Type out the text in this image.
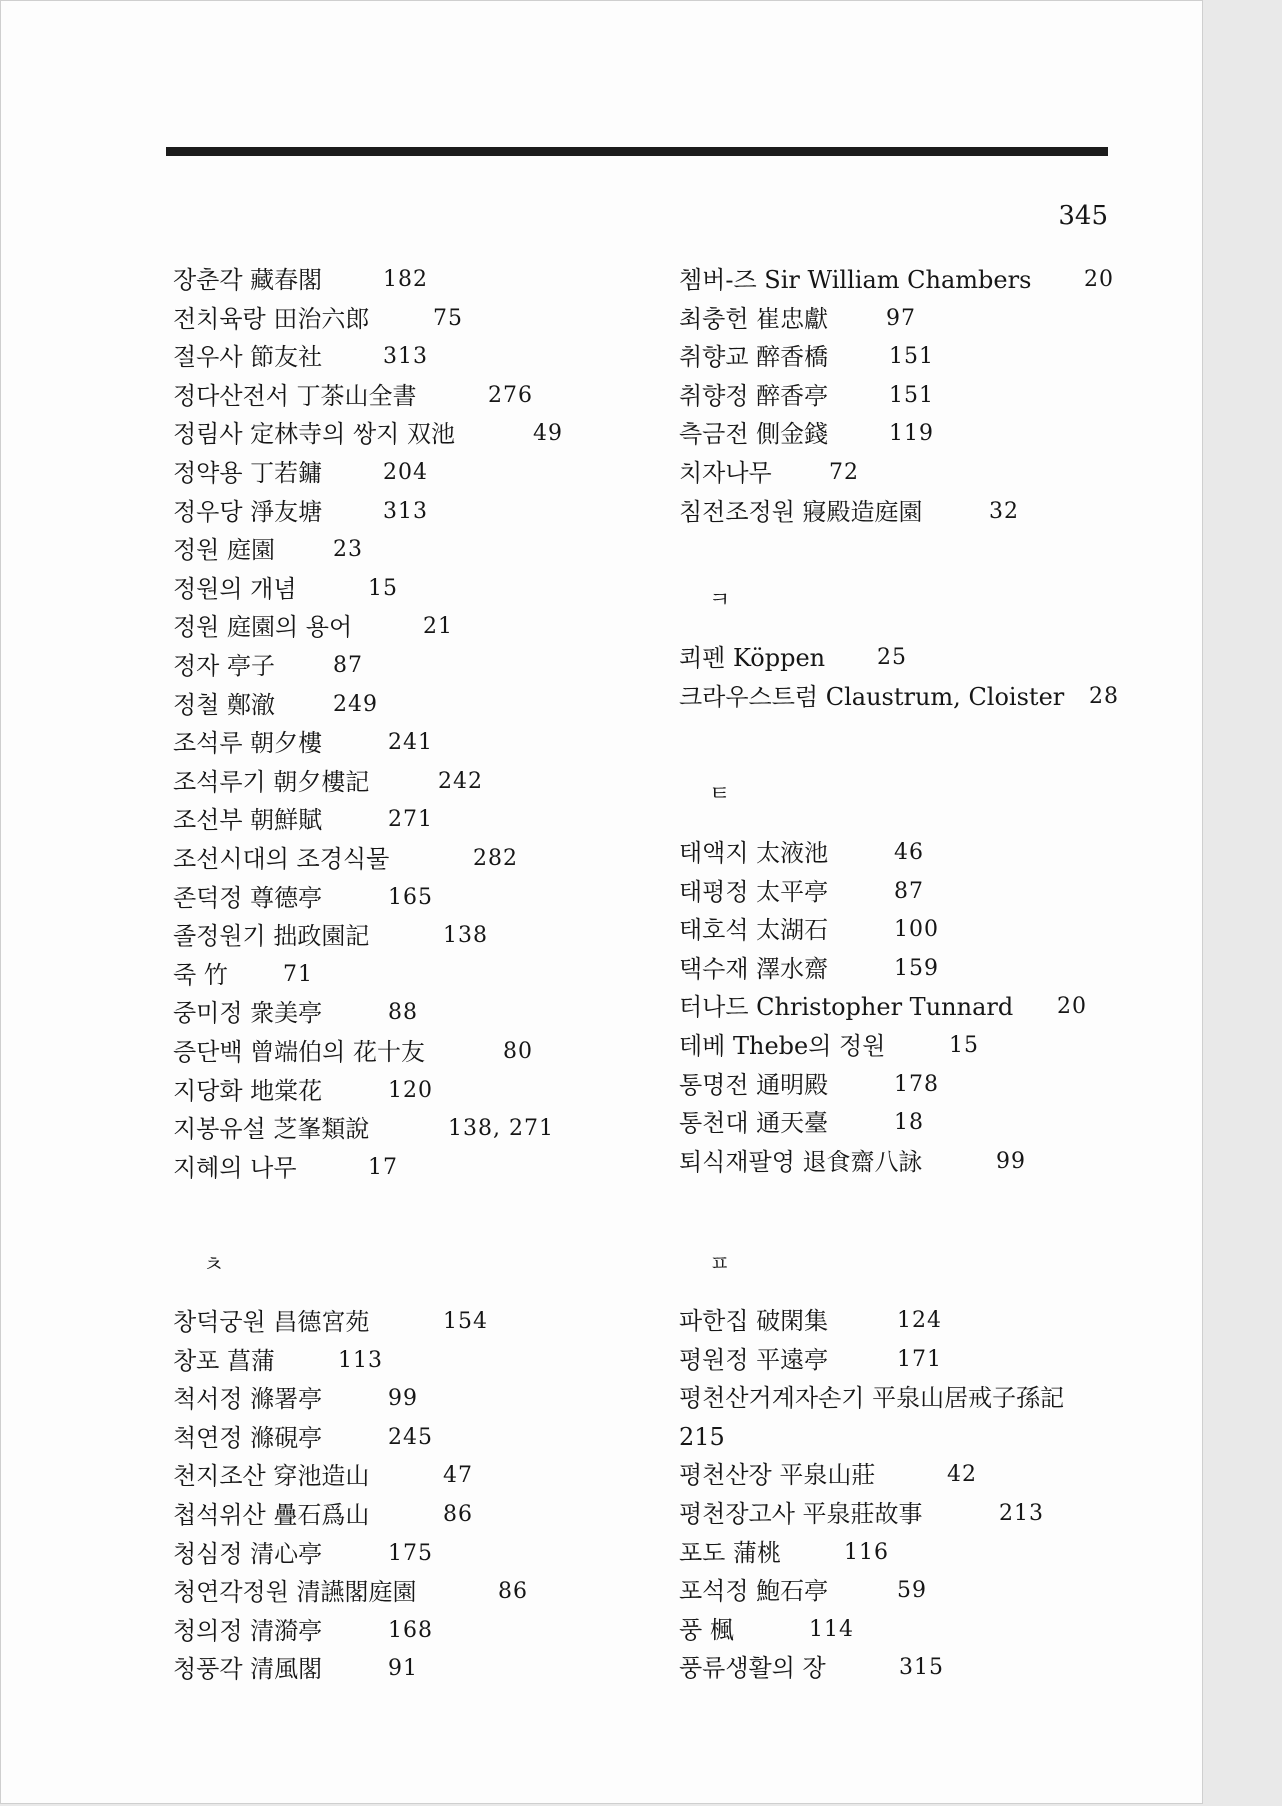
345
장춘각 藏春閣	182
전치육랑 田治六郎	75
절우사 節友社	313
정다산전서 丁茶山全書	276
정림사 定林寺의 쌍지 双池	49
정약용 丁若鏞	204
정우당 淨友塘	313
정원 庭園	23
정원의 개념	15
정원 庭園의 용어	21
정자 亭子	87
정철 鄭澈	249
조석루 朝夕樓	241
조석루기 朝夕樓記	242
조선부 朝鮮賦	271
조선시대의 조경식물	282
존덕정 尊德亭	165
졸정원기 拙政園記	138
죽 竹	71
중미정 衆美亭	88
증단백 曾端伯의 花十友	80
지당화 地棠花	120
지봉유설 芝峯類說	138, 271
지혜의 나무	17
ㅊ
창덕궁원 昌德宮苑	154
창포 菖蒲	113
척서정 滌署亭	99
척연정 滌硯亭	245
천지조산 穿池造山	47
첩석위산 疊石爲山	86
청심정 清心亭	175
청연각정원 清讌閣庭園	86
청의정 清漪亭	168
청풍각 清風閣	91
쳄버-즈 Sir William Chambers 20
최충헌 崔忠獻	97
취향교 醉香橋	151
취향정 醉香亭	151
측금전 側金錢	119
치자나무	72
침전조정원 寢殿造庭園	32
ㅋ
쾨펜 Köppen 25
크라우스트럼 Claustrum, Cloister 28
ㅌ
태액지 太液池	46
태평정 太平亭	87
태호석 太湖石	100
택수재 澤水齋	159
터나드 Christopher Tunnard 20
테베 Thebe의 정원	15
통명전 通明殿	178
통천대 通天臺	18
퇴식재팔영 退食齋八詠	99
ㅍ
파한집 破閑集	124
평원정 平遠亭	171
평천산거계자손기 平泉山居戒子孫記
215
평천산장 平泉山莊	42
평천장고사 平泉莊故事	213
포도 蒲桃	116
포석정 鮑石亭	59
풍 楓	114
풍류생활의 장	315
